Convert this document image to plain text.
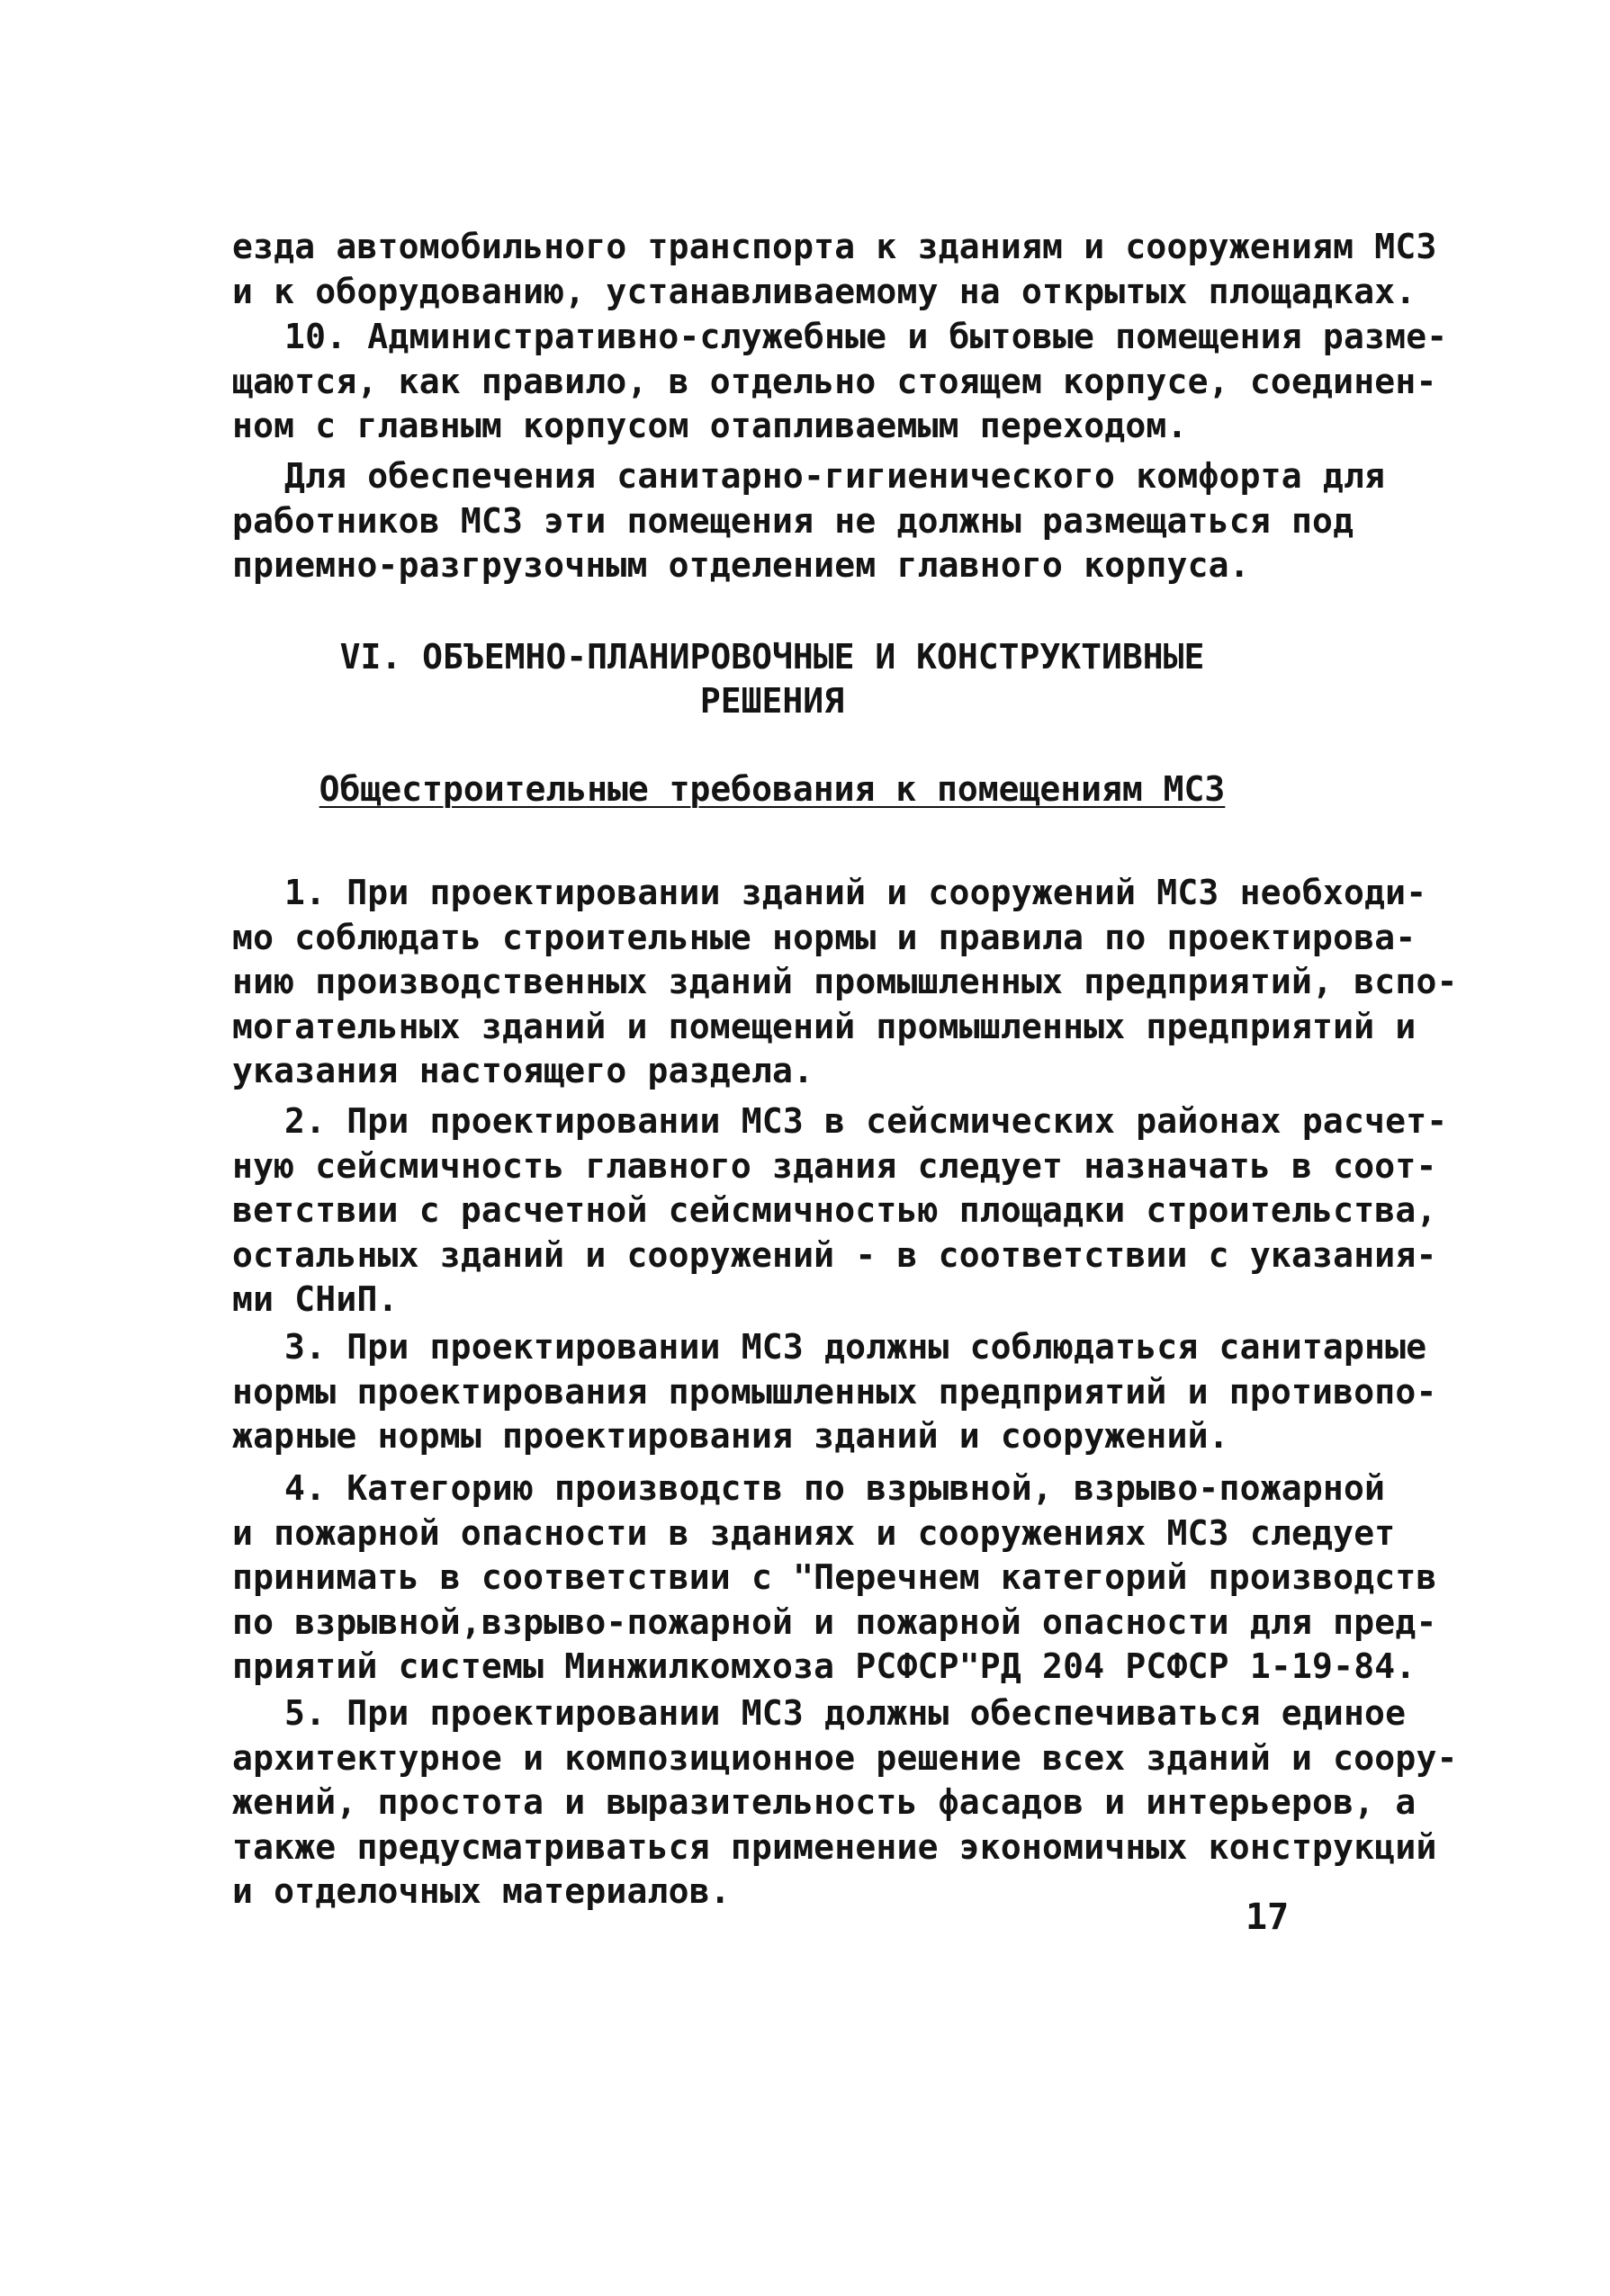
езда автомобильного транспорта к зданиям и сооружениям МСЗ
и к оборудованию, устанавливаемому на открытых площадках.
10. Административно-служебные и бытовые помещения разме-
щаются, как правило, в отдельно стоящем корпусе, соединен-
ном с главным корпусом отапливаемым переходом.
Для обеспечения санитарно-гигиенического комфорта для
работников МСЗ эти помещения не должны размещаться под
приемно-разгрузочным отделением главного корпуса.
VI. ОБЪЕМНО-ПЛАНИРОВОЧНЫЕ И КОНСТРУКТИВНЫЕ
РЕШЕНИЯ
Общестроительные требования к помещениям МСЗ
1. При проектировании зданий и сооружений МСЗ необходи-
мо соблюдать строительные нормы и правила по проектирова-
нию производственных зданий промышленных предприятий, вспо-
могательных зданий и помещений промышленных предприятий и
указания настоящего раздела.
2. При проектировании МСЗ в сейсмических районах расчет-
ную сейсмичность главного здания следует назначать в соот-
ветствии с расчетной сейсмичностью площадки строительства,
остальных зданий и сооружений - в соответствии с указания-
ми СНиП.
3. При проектировании МСЗ должны соблюдаться санитарные
нормы проектирования промышленных предприятий и противопо-
жарные нормы проектирования зданий и сооружений.
4. Категорию производств по взрывной, взрыво-пожарной
и пожарной опасности в зданиях и сооружениях МСЗ следует
принимать в соответствии с "Перечнем категорий производств
по взрывной,взрыво-пожарной и пожарной опасности для пред-
приятий системы Минжилкомхоза РСФСР"РД 204 РСФСР 1-19-84.
5. При проектировании МСЗ должны обеспечиваться единое
архитектурное и композиционное решение всех зданий и соору-
жений, простота и выразительность фасадов и интерьеров, а
также предусматриваться применение экономичных конструкций
и отделочных материалов.
17
